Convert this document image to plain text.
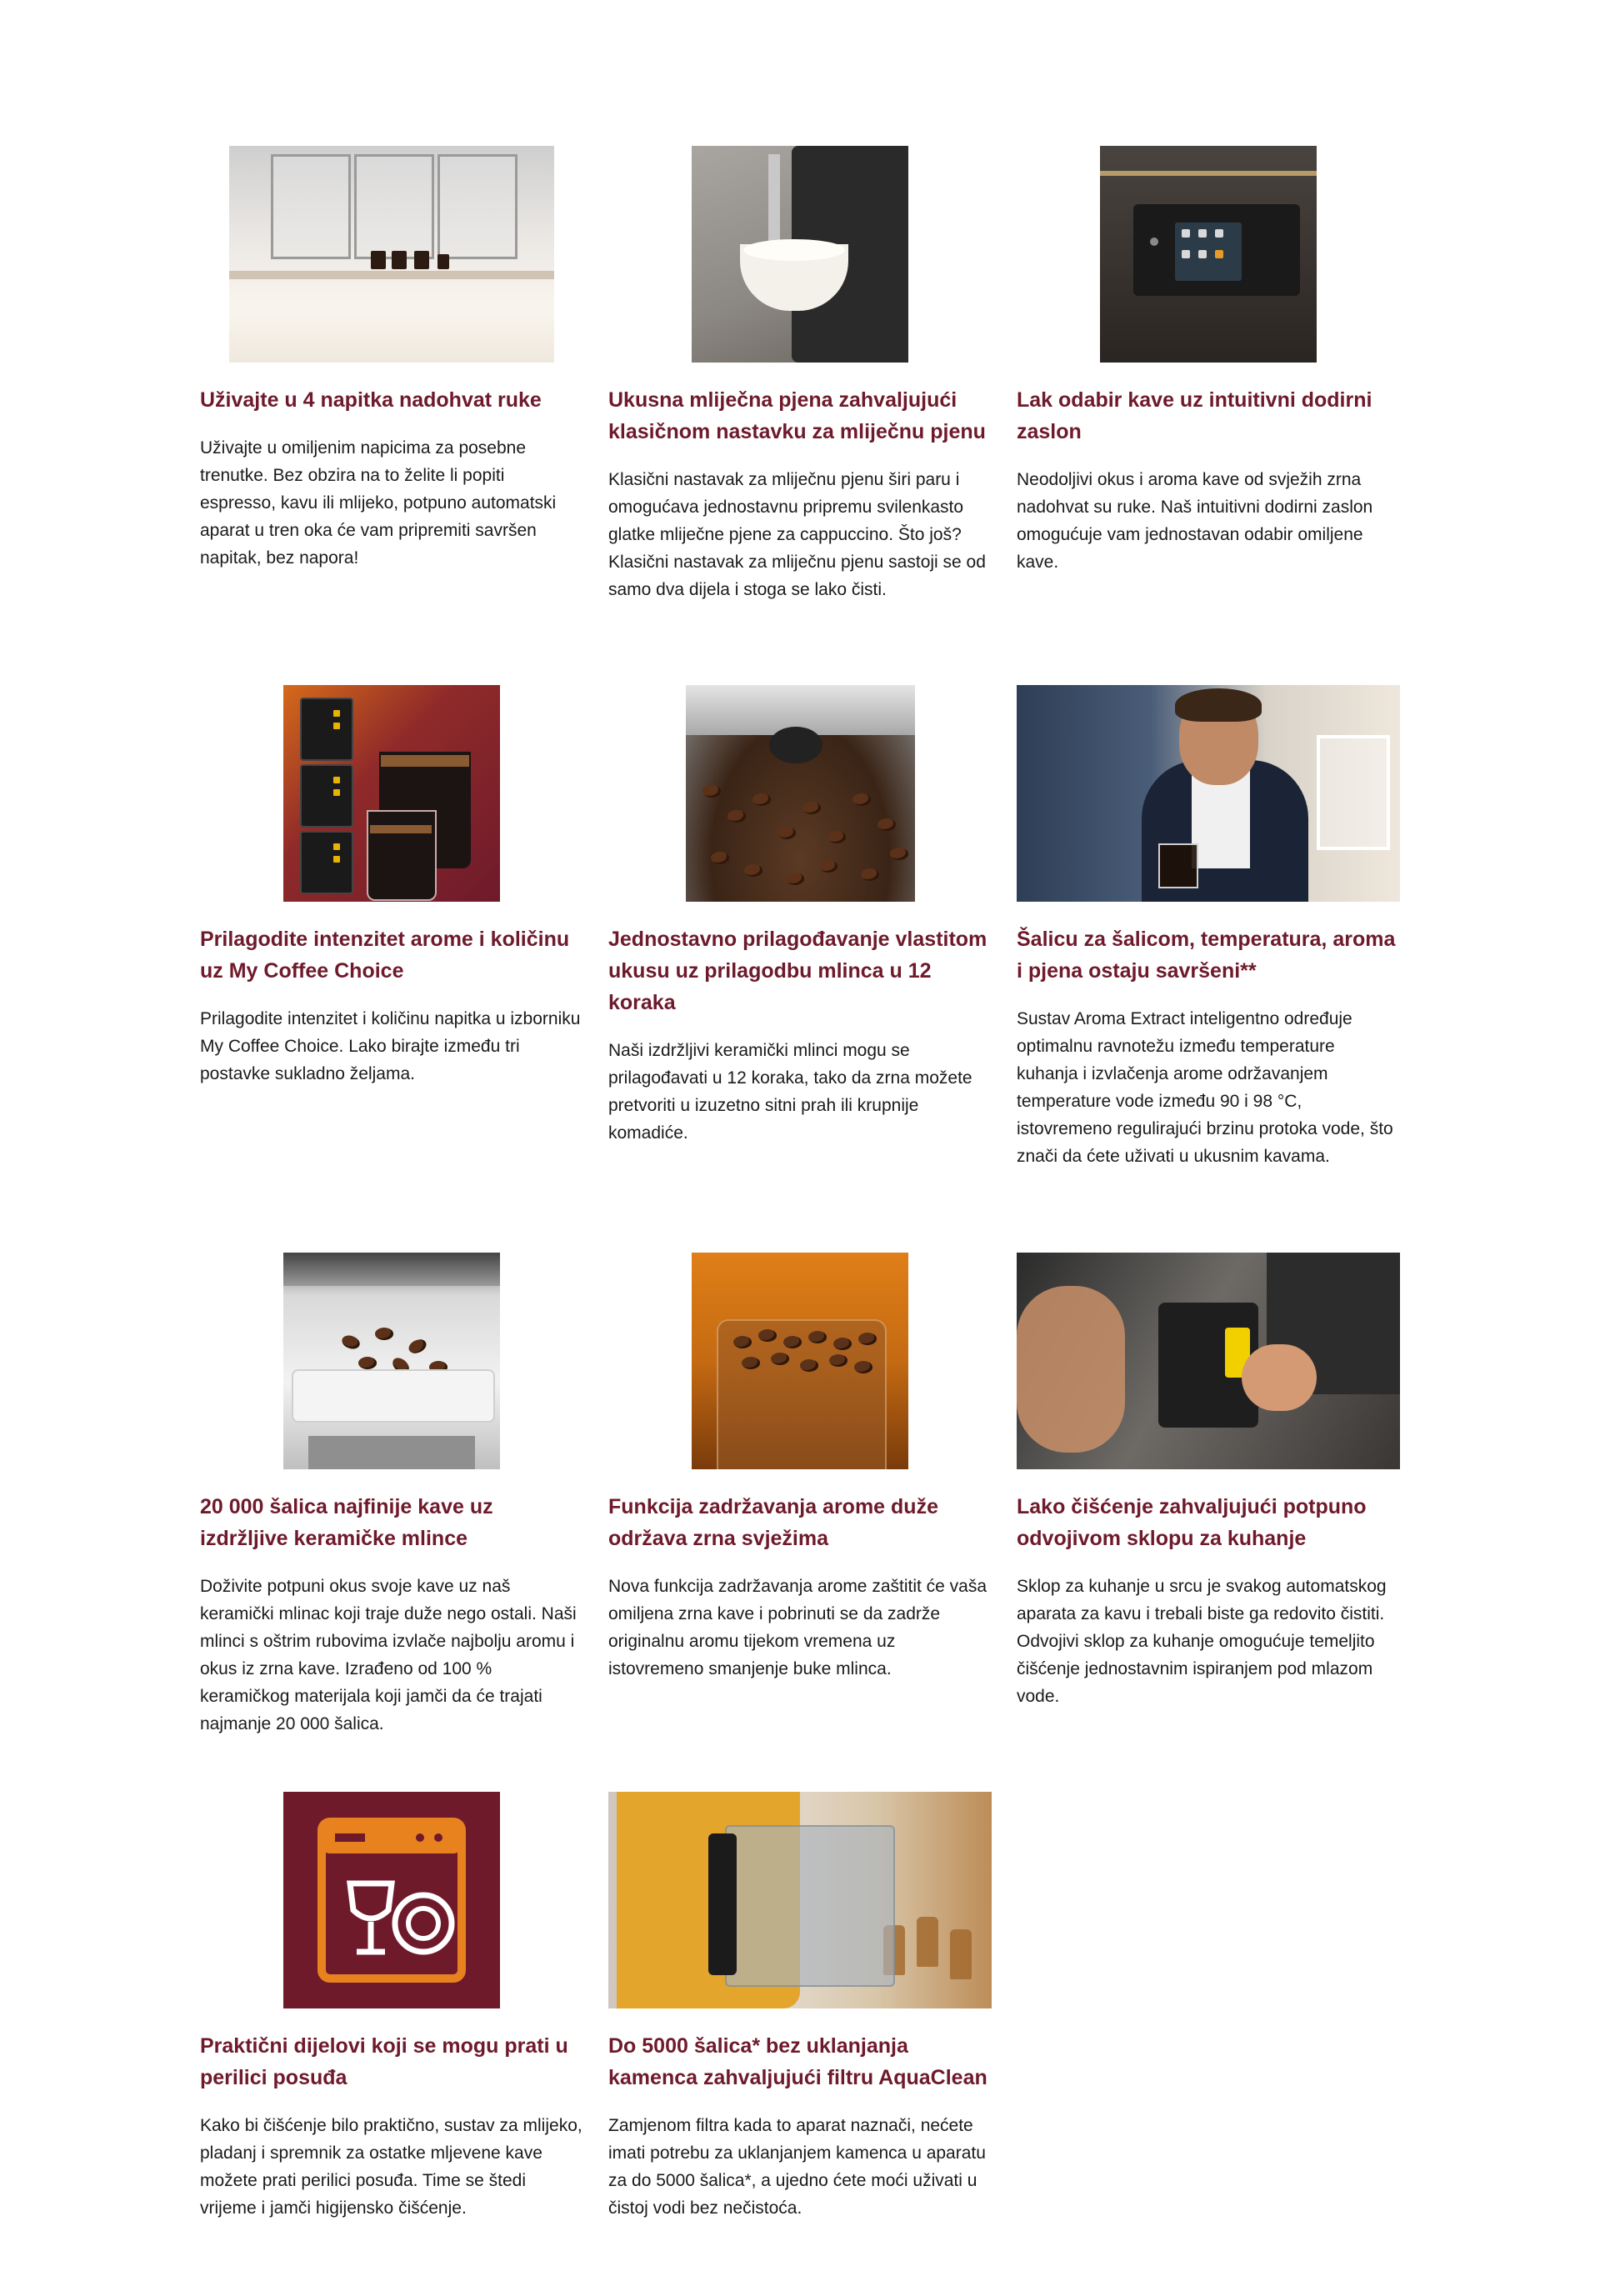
Uživajte u 4 napitka nadohvat ruke

Uživajte u omiljenim napicima za posebne trenutke. Bez obzira na to želite li popiti espresso, kavu ili mlijeko, potpuno automatski aparat u tren oka će vam pripremiti savršen napitak, bez napora!

Ukusna mliječna pjena zahvaljujući klasičnom nastavku za mliječnu pjenu

Klasični nastavak za mliječnu pjenu širi paru i omogućava jednostavnu pripremu svilenkasto glatke mliječne pjene za cappuccino. Što još? Klasični nastavak za mliječnu pjenu sastoji se od samo dva dijela i stoga se lako čisti.

Lak odabir kave uz intuitivni dodirni zaslon

Neodoljivi okus i aroma kave od svježih zrna nadohvat su ruke. Naš intuitivni dodirni zaslon omogućuje vam jednostavan odabir omiljene kave.

Prilagodite intenzitet arome i količinu uz My Coffee Choice

Prilagodite intenzitet i količinu napitka u izborniku My Coffee Choice. Lako birajte između tri postavke sukladno željama.

Jednostavno prilagođavanje vlastitom ukusu uz prilagodbu mlinca u 12 koraka

Naši izdržljivi keramički mlinci mogu se prilagođavati u 12 koraka, tako da zrna možete pretvoriti u izuzetno sitni prah ili krupnije komadiće.

Šalicu za šalicom, temperatura, aroma i pjena ostaju savršeni**

Sustav Aroma Extract inteligentno određuje optimalnu ravnotežu između temperature kuhanja i izvlačenja arome održavanjem temperature vode između 90 i 98 °C, istovremeno regulirajući brzinu protoka vode, što znači da ćete uživati u ukusnim kavama.

20 000 šalica najfinije kave uz izdržljive keramičke mlince

Doživite potpuni okus svoje kave uz naš keramički mlinac koji traje duže nego ostali. Naši mlinci s oštrim rubovima izvlače najbolju aromu i okus iz zrna kave. Izrađeno od 100 % keramičkog materijala koji jamči da će trajati najmanje 20 000 šalica.

Funkcija zadržavanja arome duže održava zrna svježima

Nova funkcija zadržavanja arome zaštitit će vaša omiljena zrna kave i pobrinuti se da zadrže originalnu aromu tijekom vremena uz istovremeno smanjenje buke mlinca.

Lako čišćenje zahvaljujući potpuno odvojivom sklopu za kuhanje

Sklop za kuhanje u srcu je svakog automatskog aparata za kavu i trebali biste ga redovito čistiti. Odvojivi sklop za kuhanje omogućuje temeljito čišćenje jednostavnim ispiranjem pod mlazom vode.

Praktični dijelovi koji se mogu prati u perilici posuđa

Kako bi čišćenje bilo praktično, sustav za mlijeko, pladanj i spremnik za ostatke mljevene kave možete prati perilici posuđa. Time se štedi vrijeme i jamči higijensko čišćenje.

Do 5000 šalica* bez uklanjanja kamenca zahvaljujući filtru AquaClean

Zamjenom filtra kada to aparat naznači, nećete imati potrebu za uklanjanjem kamenca u aparatu za do 5000 šalica*, a ujedno ćete moći uživati u čistoj vodi bez nečistoća.
